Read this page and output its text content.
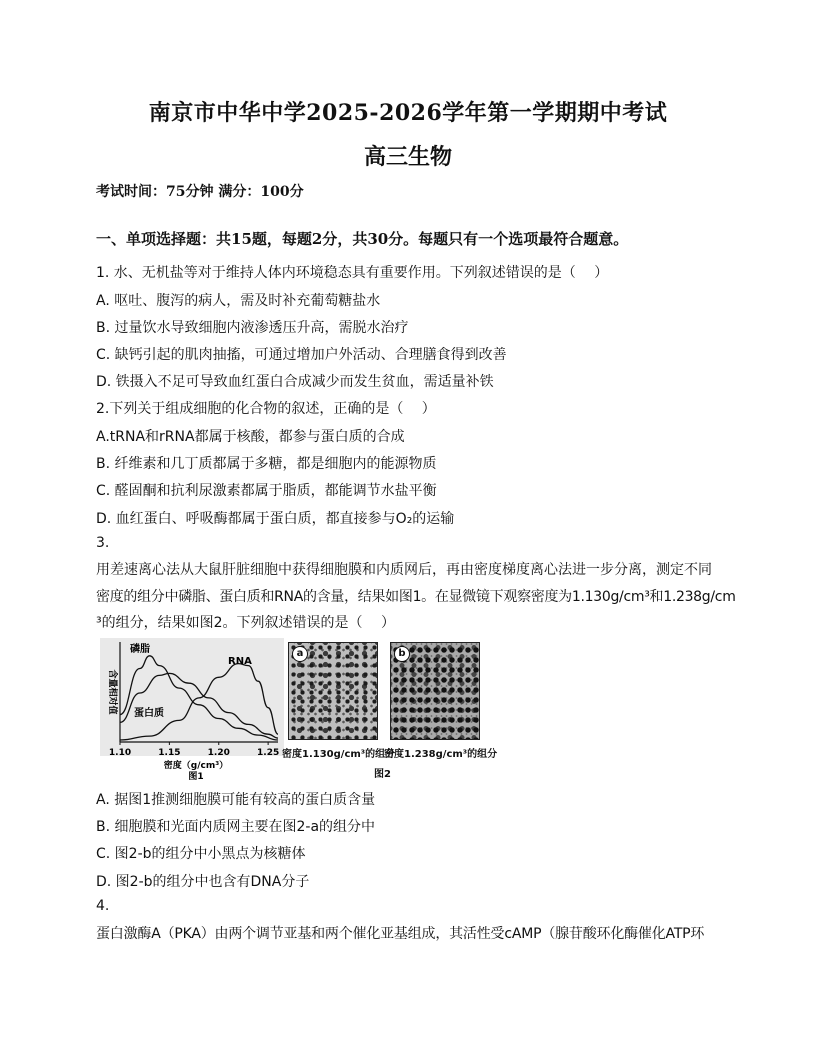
南京市中华中学2025-2026学年第一学期期中考试
高三生物
考试时间：75分钟 满分：100分
一、单项选择题：共15题，每题2分，共30分。每题只有一个选项最符合题意。
1. 水、无机盐等对于维持人体内环境稳态具有重要作用。下列叙述错误的是（　 ）
A. 呕吐、腹泻的病人，需及时补充葡萄糖盐水
B. 过量饮水导致细胞内液渗透压升高，需脱水治疗
C. 缺钙引起的肌肉抽搐，可通过增加户外活动、合理膳食得到改善
D. 铁摄入不足可导致血红蛋白合成减少而发生贫血，需适量补铁
2.下列关于组成细胞的化合物的叙述，正确的是（　 ）
A.tRNA和rRNA都属于核酸，都参与蛋白质的合成
B. 纤维素和几丁质都属于多糖，都是细胞内的能源物质
C. 醛固酮和抗利尿激素都属于脂质，都能调节水盐平衡
D. 血红蛋白、呼吸酶都属于蛋白质，都直接参与O₂的运输
3.
用差速离心法从大鼠肝脏细胞中获得细胞膜和内质网后，再由密度梯度离心法进一步分离，测定不同
密度的组分中磷脂、蛋白质和RNA的含量，结果如图1。在显微镜下观察密度为1.130g/cm³和1.238g/cm
³的组分，结果如图2。下列叙述错误的是（　 ）
含量相对值
1.10	1.15	1.20	1.25
磷脂
蛋白质
RNA
密度（g/cm³）
图1
a	b
密度1.130g/cm³的组分
密度1.238g/cm³的组分
图2
A. 据图1推测细胞膜可能有较高的蛋白质含量
B. 细胞膜和光面内质网主要在图2-a的组分中
C. 图2-b的组分中小黑点为核糖体
D. 图2-b的组分中也含有DNA分子
4.
蛋白激酶A（PKA）由两个调节亚基和两个催化亚基组成，其活性受cAMP（腺苷酸环化酶催化ATP环
